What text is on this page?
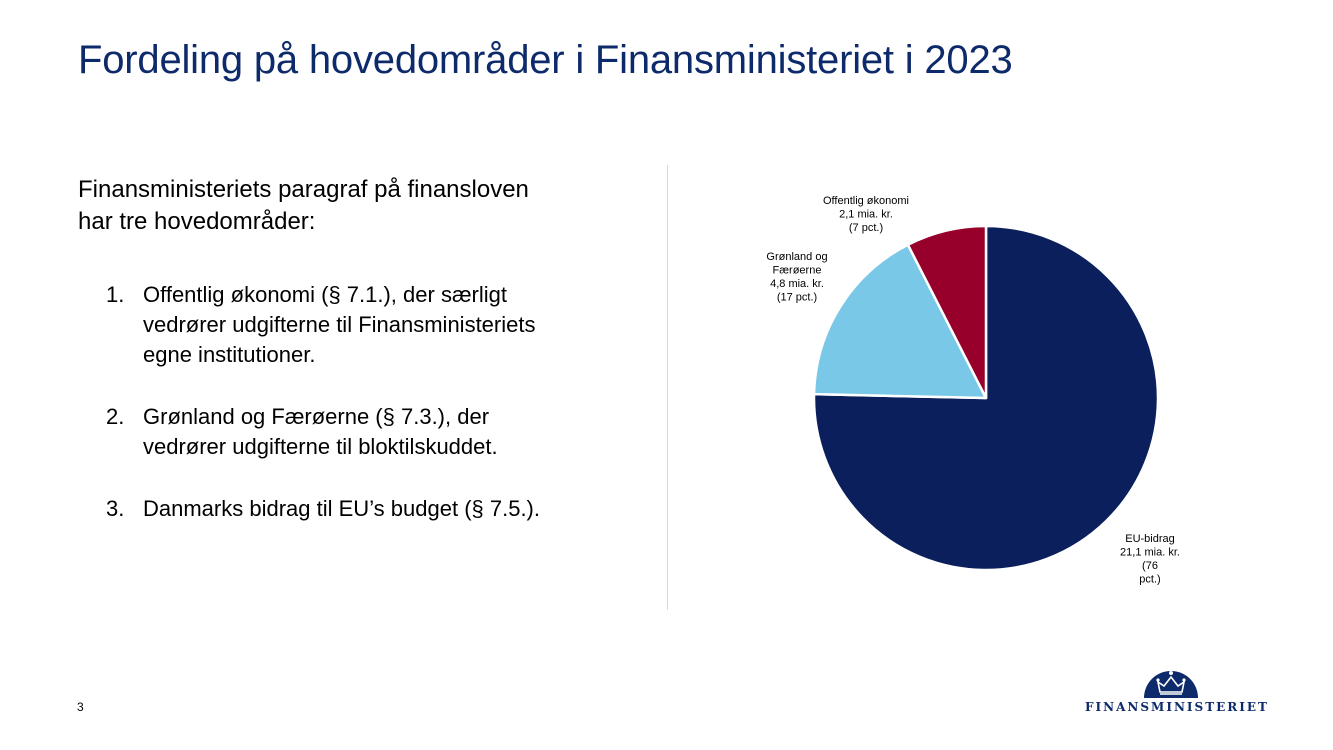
Fordeling på hovedområder i Finansministeriet i 2023
Finansministeriets paragraf på finansloven
har tre hovedområder:
1. Offentlig økonomi (§ 7.1.), der særligt
vedrører udgifterne til Finansministeriets
egne institutioner.
2. Grønland og Færøerne (§ 7.3.), der
vedrører udgifterne til bloktilskuddet.
3. Danmarks bidrag til EU’s budget (§ 7.5.).
EU-bidrag 21,1 mia. kr. (76 pct.)
Grønland og Færøerne 4,8 mia. kr. (17 pct.)
Offentlig økonomi 2,1 mia. kr. (7 pct.)
3	FINANSMINISTERIET
